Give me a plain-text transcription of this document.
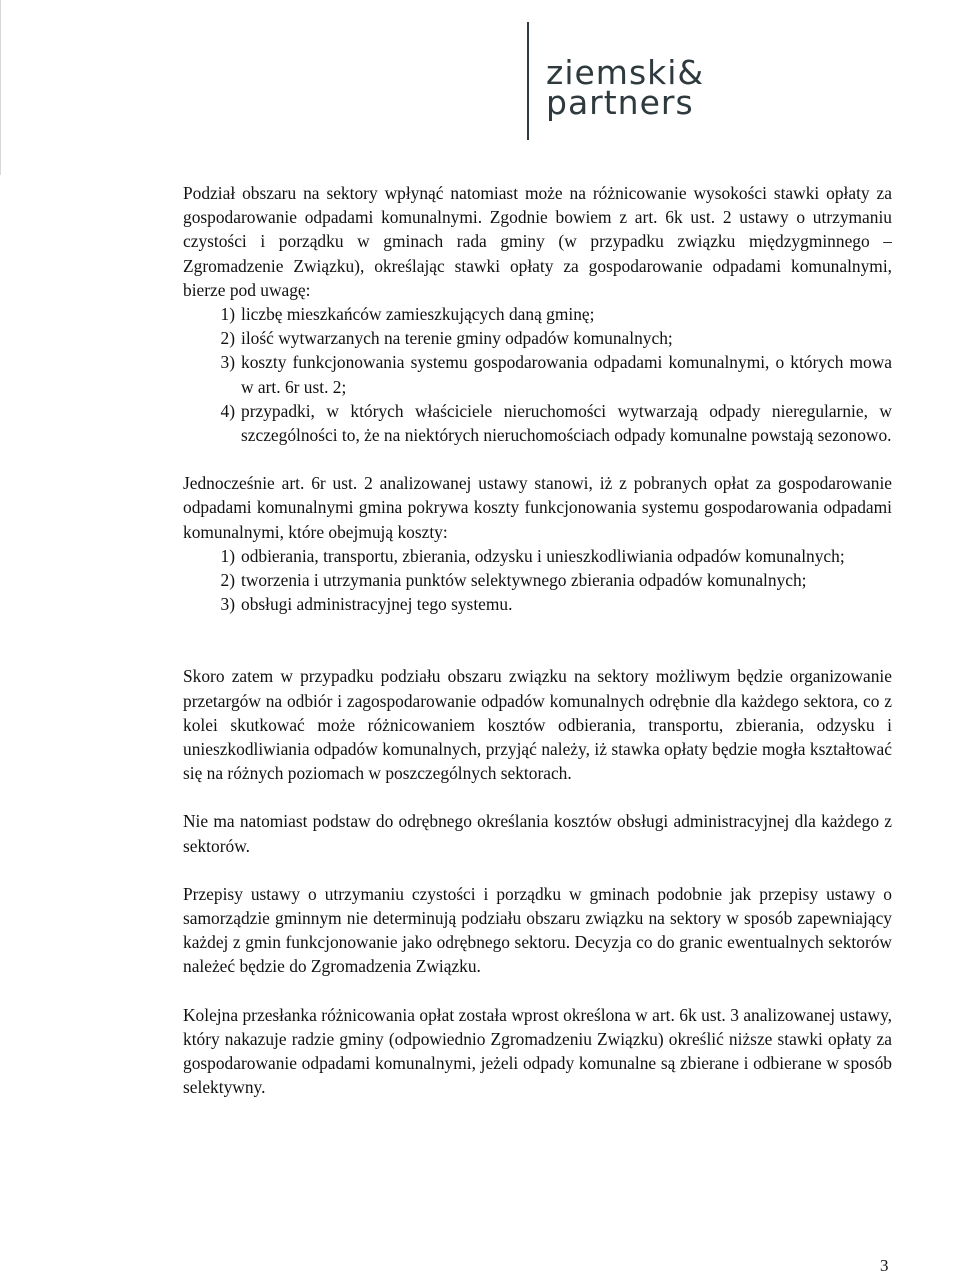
ziemski&
partners

Podział obszaru na sektory wpłynąć natomiast może na różnicowanie wysokości stawki opłaty za gospodarowanie odpadami komunalnymi. Zgodnie bowiem z art. 6k ust. 2 ustawy o utrzymaniu czystości i porządku w gminach rada gminy (w przypadku związku międzygminnego – Zgromadzenie Związku), określając stawki opłaty za gospodarowanie odpadami komunalnymi, bierze pod uwagę:

1) liczbę mieszkańców zamieszkujących daną gminę;
2) ilość wytwarzanych na terenie gminy odpadów komunalnych;
3) koszty funkcjonowania systemu gospodarowania odpadami komunalnymi, o których mowa w art. 6r ust. 2;
4) przypadki, w których właściciele nieruchomości wytwarzają odpady nieregularnie, w szczególności to, że na niektórych nieruchomościach odpady komunalne powstają sezonowo.

Jednocześnie art. 6r ust. 2 analizowanej ustawy stanowi, iż z pobranych opłat za gospodarowanie odpadami komunalnymi gmina pokrywa koszty funkcjonowania systemu gospodarowania odpadami komunalnymi, które obejmują koszty:

1) odbierania, transportu, zbierania, odzysku i unieszkodliwiania odpadów komunalnych;
2) tworzenia i utrzymania punktów selektywnego zbierania odpadów komunalnych;
3) obsługi administracyjnej tego systemu.

Skoro zatem w przypadku podziału obszaru związku na sektory możliwym będzie organizowanie przetargów na odbiór i zagospodarowanie odpadów komunalnych odrębnie dla każdego sektora, co z kolei skutkować może różnicowaniem kosztów odbierania, transportu, zbierania, odzysku i unieszkodliwiania odpadów komunalnych, przyjąć należy, iż stawka opłaty będzie mogła kształtować się na różnych poziomach w poszczególnych sektorach.

Nie ma natomiast podstaw do odrębnego określania kosztów obsługi administracyjnej dla każdego z sektorów.

Przepisy ustawy o utrzymaniu czystości i porządku w gminach podobnie jak przepisy ustawy o samorządzie gminnym nie determinują podziału obszaru związku na sektory w sposób zapewniający każdej z gmin funkcjonowanie jako odrębnego sektoru. Decyzja co do granic ewentualnych sektorów należeć będzie do Zgromadzenia Związku.

Kolejna przesłanka różnicowania opłat została wprost określona w art. 6k ust. 3 analizowanej ustawy, który nakazuje radzie gminy (odpowiednio Zgromadzeniu Związku) określić niższe stawki opłaty za gospodarowanie odpadami komunalnymi, jeżeli odpady komunalne są zbierane i odbierane w sposób selektywny.

3
